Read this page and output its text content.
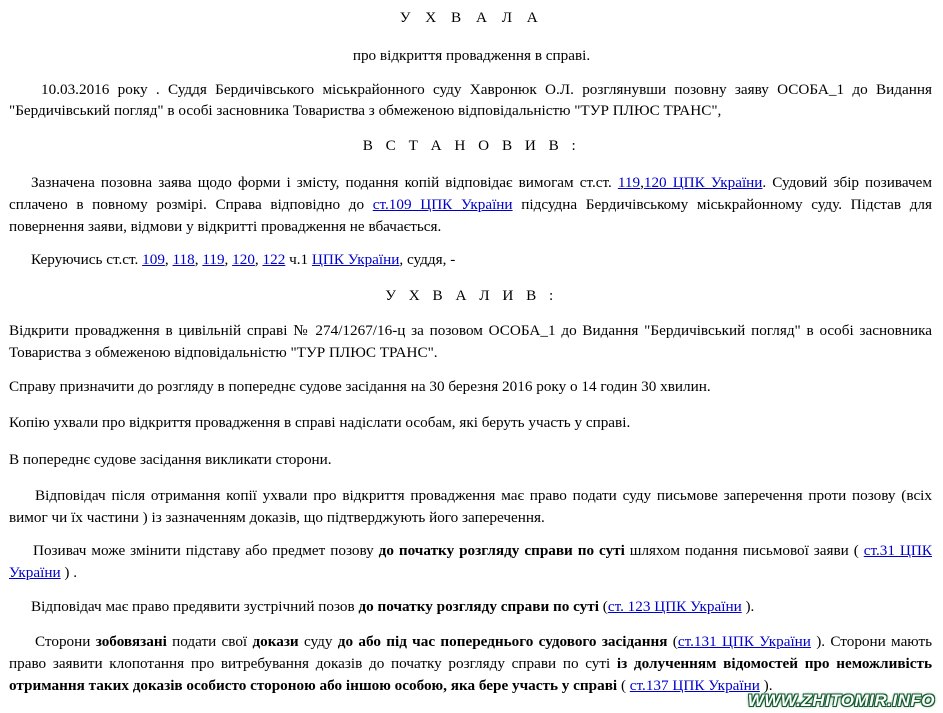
У Х В А Л А
про відкриття провадження в справі.
10.03.2016 року . Суддя Бердичівського міськрайонного суду Хавронюк О.Л. розглянувши позовну заяву ОСОБА_1 до Видання
"Бердичівський погляд" в особі засновника Товариства з обмеженою відповідальністю "ТУР ПЛЮС ТРАНС",
В С Т А Н О В И В :
Зазначена позовна заява щодо форми і змісту, подання копій відповідає вимогам ст.ст. 119,120 ЦПК України. Судовий збір позивачем сплачено в повному розмірі. Справа відповідно до ст.109 ЦПК України підсудна Бердичівському міськрайонному суду. Підстав для повернення заяви, відмови у відкритті провадження не вбачається.
Керуючись ст.ст. 109, 118, 119, 120, 122 ч.1 ЦПК України, суддя, -
У Х В А Л И В :
Відкрити провадження в цивільній справі № 274/1267/16-ц за позовом ОСОБА_1 до Видання "Бердичівський погляд" в особі засновника Товариства з обмеженою відповідальністю "ТУР ПЛЮС ТРАНС".
Справу призначити до розгляду в попереднє судове засідання на 30 березня 2016 року о 14 годин 30 хвилин.
Копію ухвали про відкриття провадження в справі надіслати особам, які беруть участь у справі.
В попереднє судове засідання викликати сторони.
Відповідач після отримання копії ухвали про відкриття провадження має право подати суду письмове заперечення проти позову (всіх вимог чи їх частини ) із зазначенням доказів, що підтверджують його заперечення.
Позивач може змінити підставу або предмет позову до початку розгляду справи по суті шляхом подання письмової заяви ( ст.31 ЦПК України ) .
Відповідач має право предявити зустрічний позов до початку розгляду справи по суті (ст. 123 ЦПК України ).
Сторони зобовязані подати свої докази суду до або під час попереднього судового засідання (ст.131 ЦПК України ). Сторони мають право заявити клопотання про витребування доказів до початку розгляду справи по суті із долученням відомостей про неможливість отримання таких доказів особисто стороною або іншою особою, яка бере участь у справі ( ст.137 ЦПК України ).
WWW.ZHITOMIR.INFO
